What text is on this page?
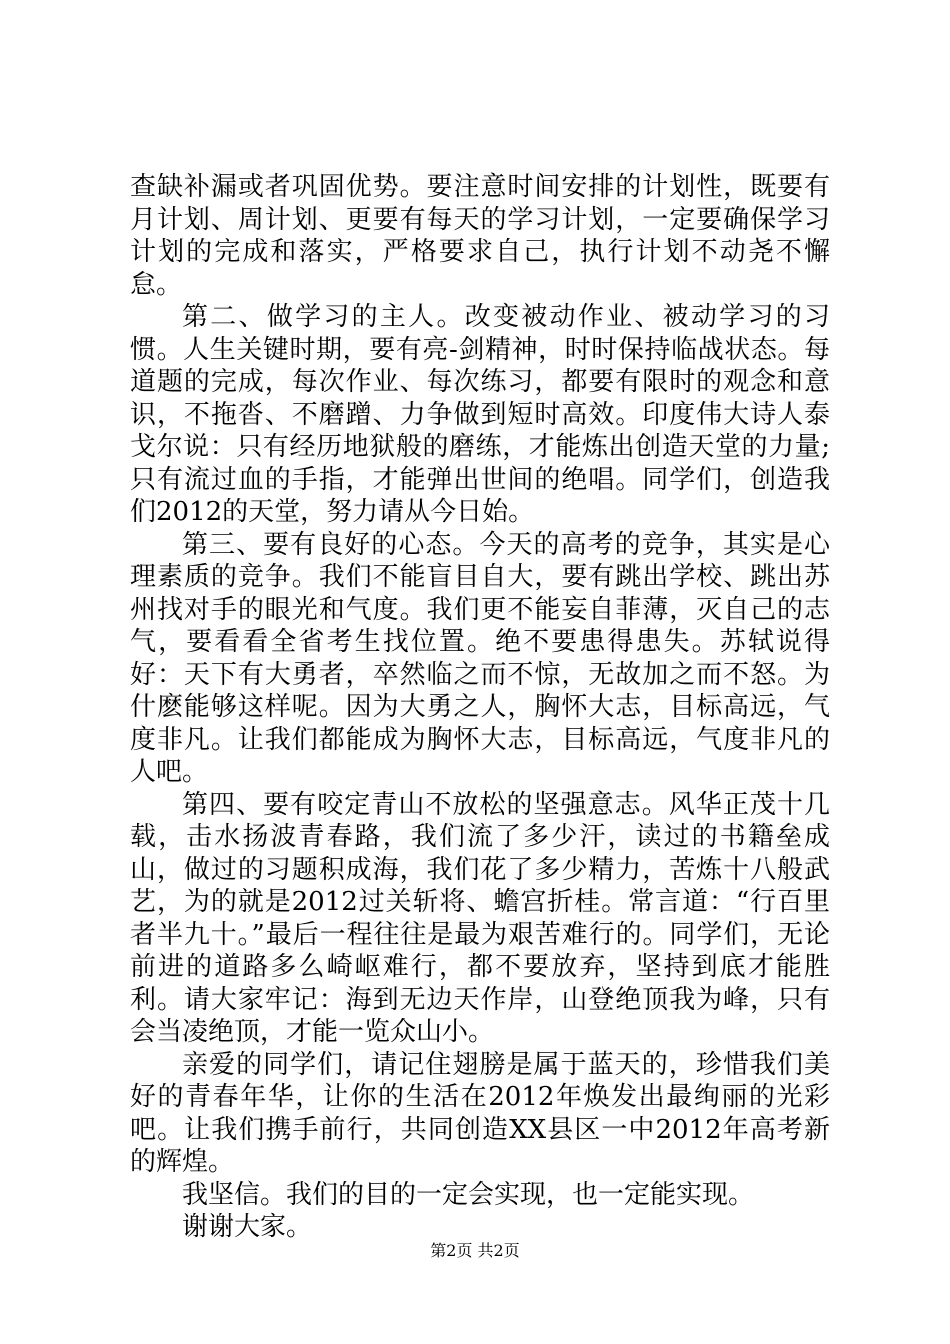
查缺补漏或者巩固优势。要注意时间安排的计划性，既要有月计划、周计划、更要有每天的学习计划，一定要确保学习计划的完成和落实，严格要求自己，执行计划不动尧不懈怠。

第二、做学习的主人。改变被动作业、被动学习的习惯。人生关键时期，要有亮-剑精神，时时保持临战状态。每道题的完成，每次作业、每次练习，都要有限时的观念和意识，不拖沓、不磨蹭、力争做到短时高效。印度伟大诗人泰戈尔说：只有经历地狱般的磨练，才能炼出创造天堂的力量;只有流过血的手指，才能弹出世间的绝唱。同学们，创造我们2012的天堂，努力请从今日始。

第三、要有良好的心态。今天的高考的竞争，其实是心理素质的竞争。我们不能盲目自大，要有跳出学校、跳出苏州找对手的眼光和气度。我们更不能妄自菲薄，灭自己的志气，要看看全省考生找位置。绝不要患得患失。苏轼说得好：天下有大勇者，卒然临之而不惊，无故加之而不怒。为什麽能够这样呢。因为大勇之人，胸怀大志，目标高远，气度非凡。让我们都能成为胸怀大志，目标高远，气度非凡的人吧。

第四、要有咬定青山不放松的坚强意志。风华正茂十几载，击水扬波青春路，我们流了多少汗，读过的书籍垒成山，做过的习题积成海，我们花了多少精力，苦炼十八般武艺，为的就是2012过关斩将、蟾宫折桂。常言道：“行百里者半九十。”最后一程往往是最为艰苦难行的。同学们，无论前进的道路多么崎岖难行，都不要放弃，坚持到底才能胜利。请大家牢记：海到无边天作岸，山登绝顶我为峰，只有会当凌绝顶，才能一览众山小。

亲爱的同学们，请记住翅膀是属于蓝天的，珍惜我们美好的青春年华，让你的生活在2012年焕发出最绚丽的光彩吧。让我们携手前行，共同创造XX县区一中2012年高考新的辉煌。

我坚信。我们的目的一定会实现，也一定能实现。

谢谢大家。

第2页 共2页
